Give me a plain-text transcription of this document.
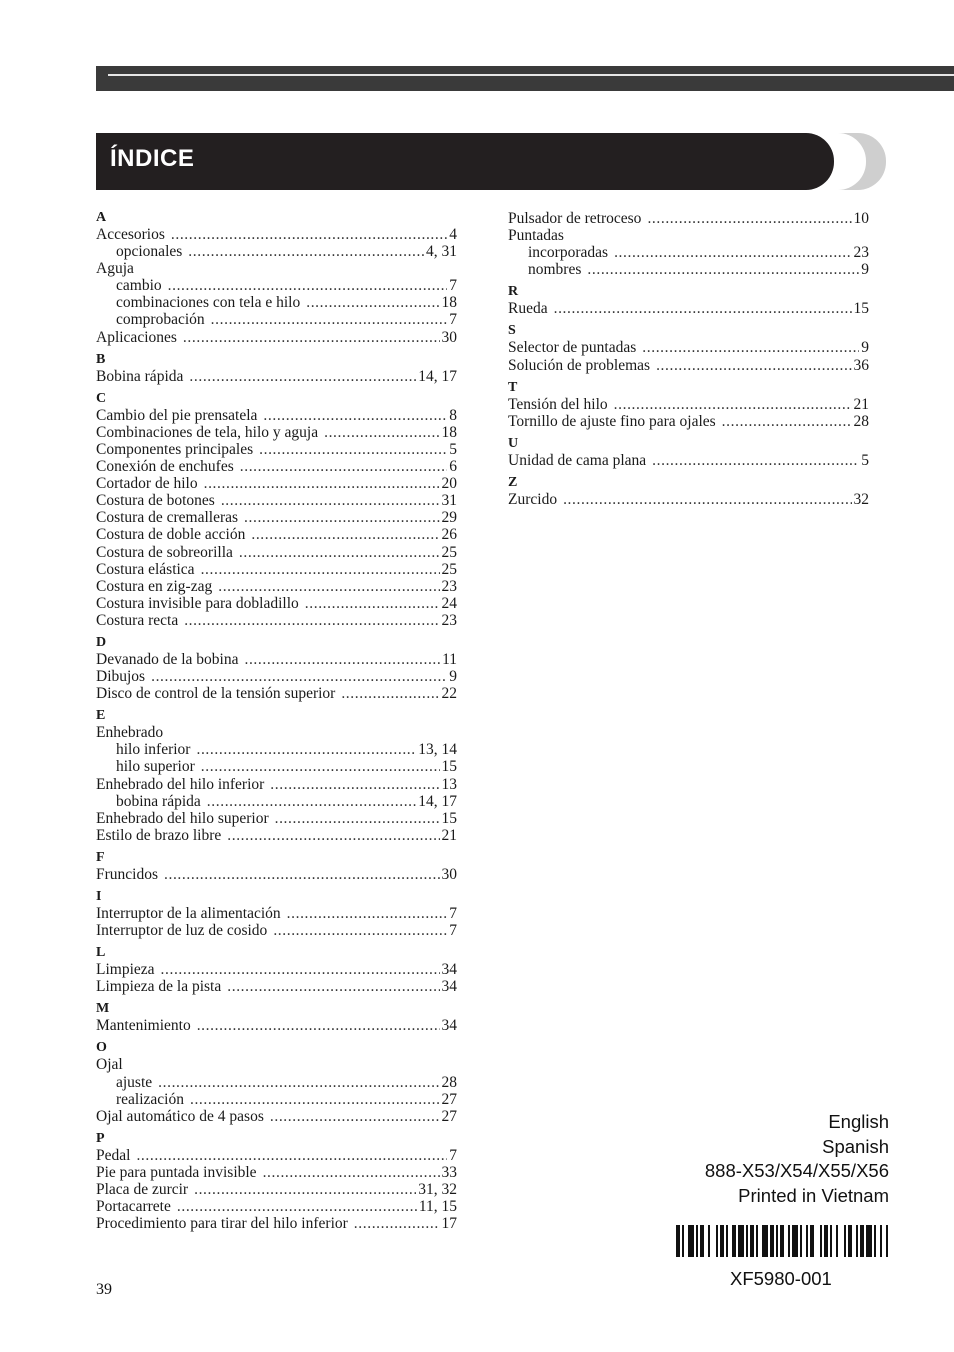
ÍNDICE
A
Accesorios .....	4
opcionales .....	4, 31
Aguja
cambio .....	7
combinaciones con tela e hilo .....	18
comprobación .....	7
Aplicaciones .....	30
B
Bobina rápida .....	14, 17
C
Cambio del pie prensatela .....	8
Combinaciones de tela, hilo y aguja .....	18
Componentes principales .....	5
Conexión de enchufes .....	6
Cortador de hilo .....	20
Costura de botones .....	31
Costura de cremalleras .....	29
Costura de doble acción .....	26
Costura de sobreorilla .....	25
Costura elástica .....	25
Costura en zig-zag .....	23
Costura invisible para dobladillo .....	24
Costura recta .....	23
D
Devanado de la bobina .....	11
Dibujos .....	9
Disco de control de la tensión superior .....	22
E
Enhebrado
hilo inferior .....	13, 14
hilo superior .....	15
Enhebrado del hilo inferior .....	13
bobina rápida .....	14, 17
Enhebrado del hilo superior .....	15
Estilo de brazo libre .....	21
F
Fruncidos .....	30
I
Interruptor de la alimentación .....	7
Interruptor de luz de cosido .....	7
L
Limpieza .....	34
Limpieza de la pista .....	34
M
Mantenimiento .....	34
O
Ojal
ajuste .....	28
realización .....	27
Ojal automático de 4 pasos .....	27
P
Pedal .....	7
Pie para puntada invisible .....	33
Placa de zurcir .....	31, 32
Portacarrete .....	11, 15
Procedimiento para tirar del hilo inferior .....	17
Pulsador de retroceso .....	10
Puntadas
incorporadas .....	23
nombres .....	9
R
Rueda .....	15
S
Selector de puntadas .....	9
Solución de problemas .....	36
T
Tensión del hilo .....	21
Tornillo de ajuste fino para ojales .....	28
U
Unidad de cama plana .....	5
Z
Zurcido .....	32
English
Spanish
888-X53/X54/X55/X56
Printed in Vietnam
XF5980-001
39
